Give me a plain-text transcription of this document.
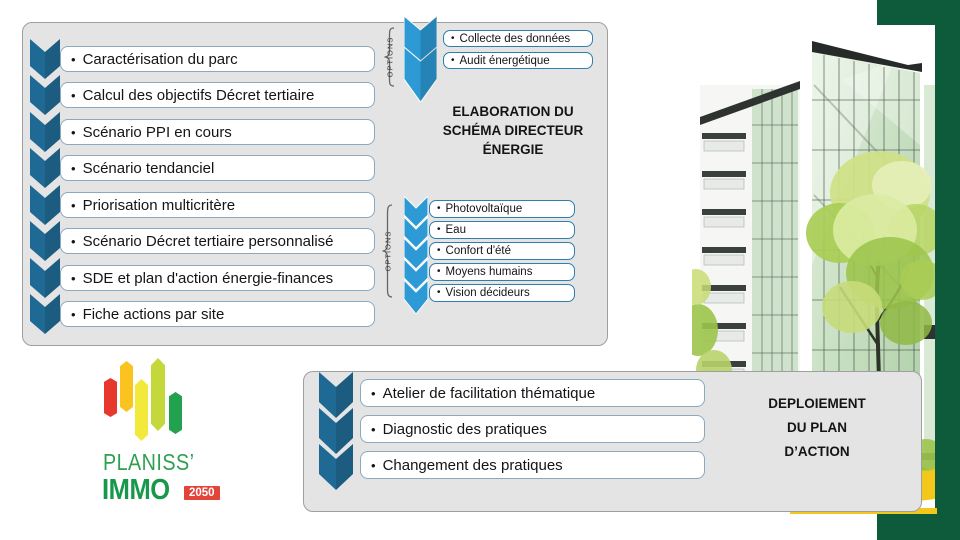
• Caractérisation du parc
• Calcul des objectifs Décret tertiaire
• Scénario PPI en cours
• Scénario tendanciel
• Priorisation multicritère
• Scénario Décret tertiaire personnalisé
• SDE et plan d'action énergie-finances
• Fiche actions par site
OPTIONS	• Collecte des données
• Audit énergétique
ELABORATION DU
SCHÉMA DIRECTEUR
ÉNERGIE
OPTIONS
• Photovoltaïque
• Eau
• Confort d'été
• Moyens humains
• Vision décideurs
• Atelier de facilitation thématique
• Diagnostic des pratiques
• Changement des pratiques
DEPLOIEMENT
DU PLAN
D’ACTION
PLANISS’
IMMO	2050
